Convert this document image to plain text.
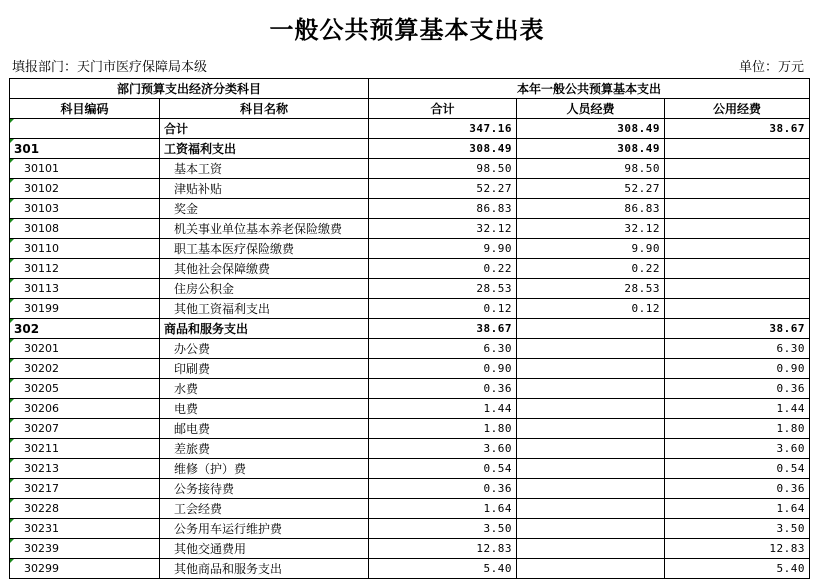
一般公共预算基本支出表
填报部门：天门市医疗保障局本级	单位：万元
部门预算支出经济分类科目		本年一般公共预算基本支出		
科目编码	科目名称	合计	人员经费	公用经费
	合计	347.16	308.49	38.67
301	工资福利支出	308.49	308.49	
30101	基本工资	98.50	98.50	
30102	津贴补贴	52.27	52.27	
30103	奖金	86.83	86.83	
30108	机关事业单位基本养老保险缴费	32.12	32.12	
30110	职工基本医疗保险缴费	9.90	9.90	
30112	其他社会保障缴费	0.22	0.22	
30113	住房公积金	28.53	28.53	
30199	其他工资福利支出	0.12	0.12	
302	商品和服务支出	38.67		38.67
30201	办公费	6.30		6.30
30202	印刷费	0.90		0.90
30205	水费	0.36		0.36
30206	电费	1.44		1.44
30207	邮电费	1.80		1.80
30211	差旅费	3.60		3.60
30213	维修（护）费	0.54		0.54
30217	公务接待费	0.36		0.36
30228	工会经费	1.64		1.64
30231	公务用车运行维护费	3.50		3.50
30239	其他交通费用	12.83		12.83
30299	其他商品和服务支出	5.40		5.40
